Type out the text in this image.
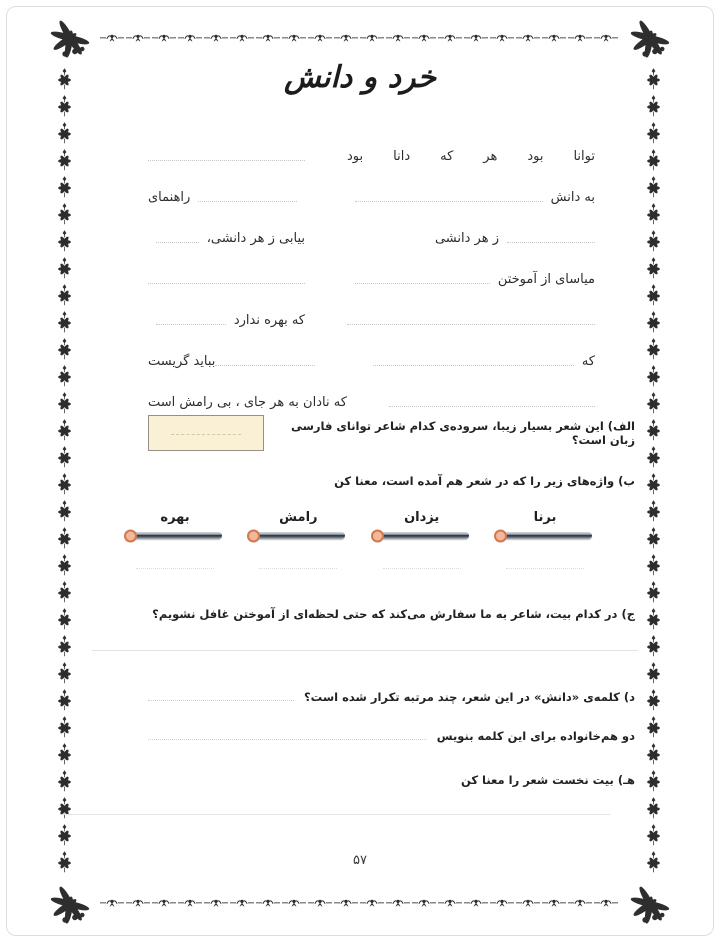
خرد و دانش
توانا بود هر که دانا بود
به دانش
راهنمای
ز هر دانشی
بیابی ز هر دانشی،
میاسای از آموختن
که بهره ندارد
که
بباید گریست
که نادان به هر جای ، بی رامش است
الف) این شعر بسیار زیبا، سروده‌ی کدام شاعر توانای فارسی زبان است؟
ب) واژه‌های زیر را که در شعر هم آمده است، معنا کن
برنا
یزدان
رامش
بهره
ج) در کدام بیت، شاعر به ما سفارش می‌کند که حتی لحظه‌ای از آموختن غافل نشویم؟
د) کلمه‌ی «دانش» در این شعر، چند مرتبه تکرار شده است؟
دو هم‌خانواده برای این کلمه بنویس
هـ) بیت نخست شعر را معنا کن
۵۷
